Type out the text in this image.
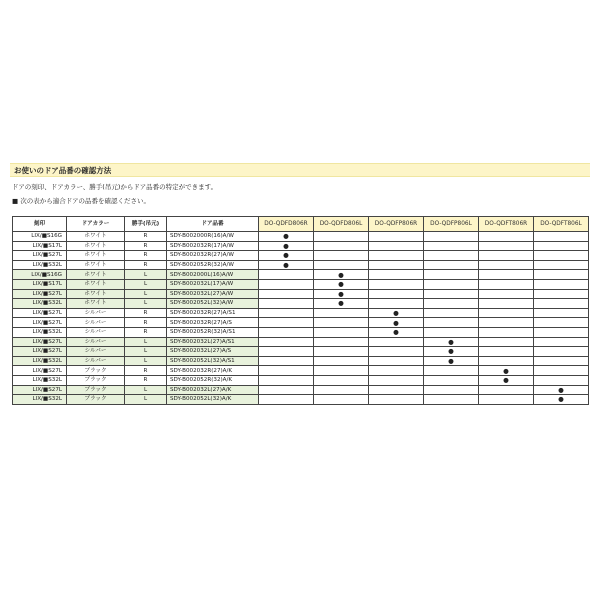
お使いのドア品番の確認方法
ドアの刻印、ドアカラー、勝手(吊元)からドア品番の特定ができます。
■ 次の表から適合ドアの品番を確認ください。
刻印	ドアカラー	勝手(吊元)	ドア品番	DO-QDFD806R	DO-QDFD806L	DO-QDFP806R	DO-QDFP806L	DO-QDFT806R	DO-QDFT806L
LIX/■S16G	ホワイト	R	SDY-B002000R(16)A/W	●					
LIX/■S17L	ホワイト	R	SDY-B002032R(17)A/W	●					
LIX/■S27L	ホワイト	R	SDY-B002032R(27)A/W	●					
LIX/■S32L	ホワイト	R	SDY-B002052R(32)A/W	●					
LIX/■S16G	ホワイト	L	SDY-B002000L(16)A/W		●				
LIX/■S17L	ホワイト	L	SDY-B002032L(17)A/W		●				
LIX/■S27L	ホワイト	L	SDY-B002032L(27)A/W		●				
LIX/■S32L	ホワイト	L	SDY-B002052L(32)A/W		●				
LIX/■S27L	シルバー	R	SDY-B002032R(27)A/S1			●			
LIX/■S27L	シルバー	R	SDY-B002032R(27)A/S			●			
LIX/■S32L	シルバー	R	SDY-B002052R(32)A/S1			●			
LIX/■S27L	シルバー	L	SDY-B002032L(27)A/S1				●		
LIX/■S27L	シルバー	L	SDY-B002032L(27)A/S				●		
LIX/■S32L	シルバー	L	SDY-B002052L(32)A/S1				●		
LIX/■S27L	ブラック	R	SDY-B002032R(27)A/K					●	
LIX/■S32L	ブラック	R	SDY-B002052R(32)A/K					●	
LIX/■S27L	ブラック	L	SDY-B002032L(27)A/K						●
LIX/■S32L	ブラック	L	SDY-B002052L(32)A/K						●
